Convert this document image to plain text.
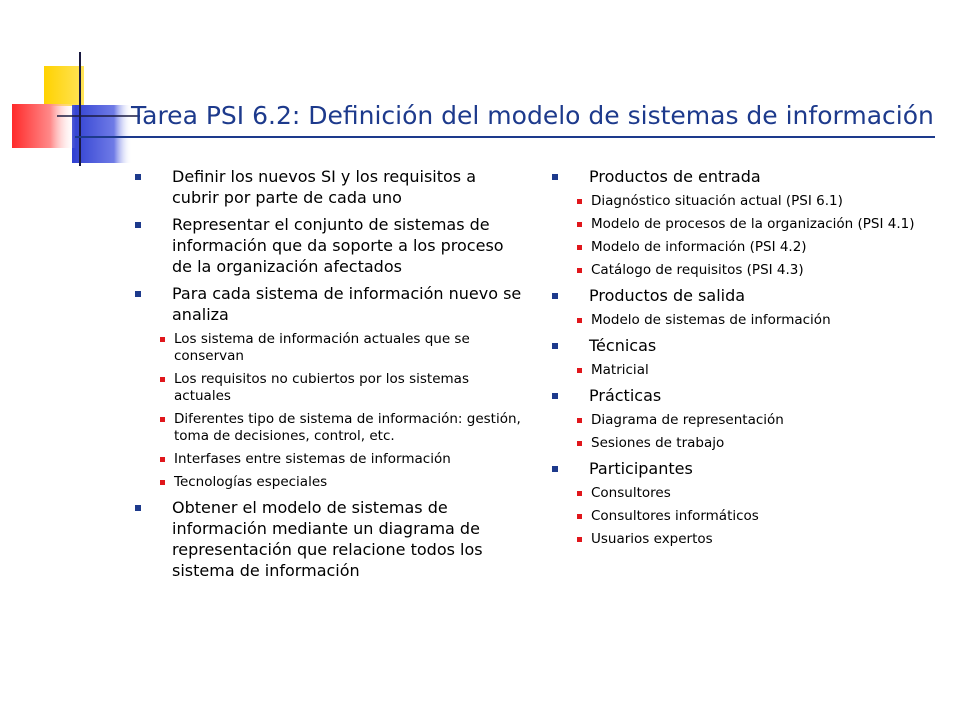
Tarea PSI 6.2: Definición del modelo de sistemas de información
Definir los nuevos SI y los requisitos a cubrir por parte de cada uno
Representar el conjunto de sistemas de información que da soporte a los proceso de la organización afectados
Para cada sistema de información nuevo se analiza
Los sistema de información actuales que se conservan
Los requisitos no cubiertos por los sistemas actuales
Diferentes tipo de sistema de información: gestión, toma de decisiones, control, etc.
Interfases entre sistemas de información
Tecnologías especiales
Obtener el modelo de sistemas de información mediante un diagrama de representación que relacione todos los sistema de información
Productos de entrada
Diagnóstico situación actual (PSI 6.1)
Modelo de procesos de la organización (PSI 4.1)
Modelo de información (PSI 4.2)
Catálogo de requisitos (PSI 4.3)
Productos de salida
Modelo de sistemas de información
Técnicas
Matricial
Prácticas
Diagrama de representación
Sesiones de trabajo
Participantes
Consultores
Consultores informáticos
Usuarios expertos
